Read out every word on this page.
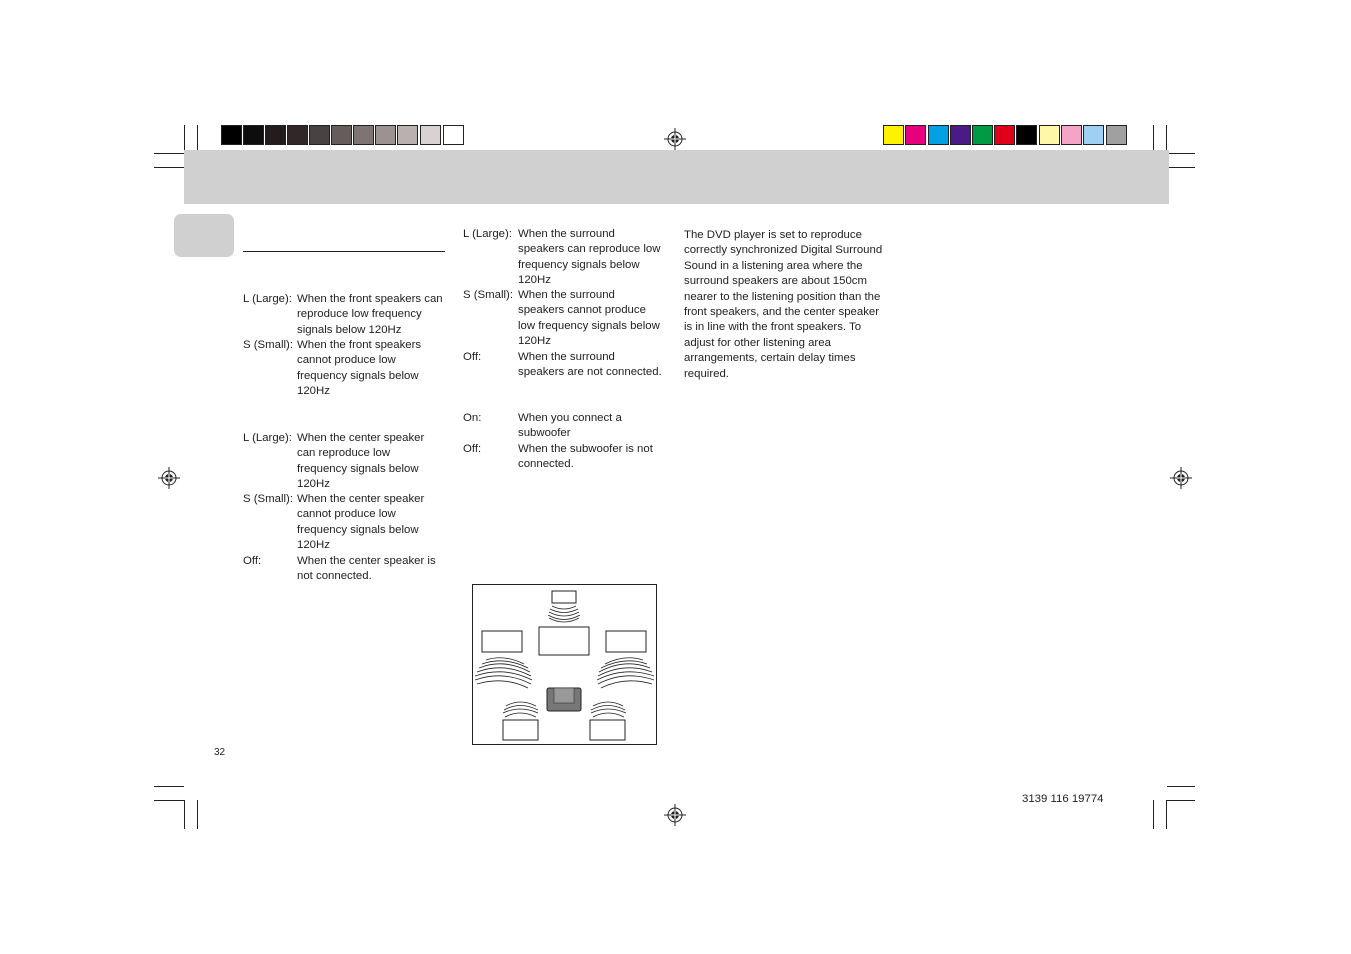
L (Large): When the front speakers can
reproduce low frequency
signals below 120Hz
S (Small): When the front speakers
cannot produce low
frequency signals below
120Hz
L (Large): When the center speaker
can reproduce low
frequency signals below
120Hz
S (Small): When the center speaker
cannot produce low
frequency signals below
120Hz
Off:	When the center speaker is
not connected.
L (Large): When the surround
speakers can reproduce low
frequency signals below
120Hz
S (Small): When the surround
speakers cannot produce
low frequency signals below
120Hz
Off:	When the surround
speakers are not connected.
On:	When you connect a
subwoofer
Off:	When the subwoofer is not
connected.
The DVD player is set to reproduce
correctly synchronized Digital Surround
Sound in a listening area where the
surround speakers are about 150cm
nearer to the listening position than the
front speakers, and the center speaker
is in line with the front speakers. To
adjust for other listening area
arrangements, certain delay times
required.
32
3139 116 19774
